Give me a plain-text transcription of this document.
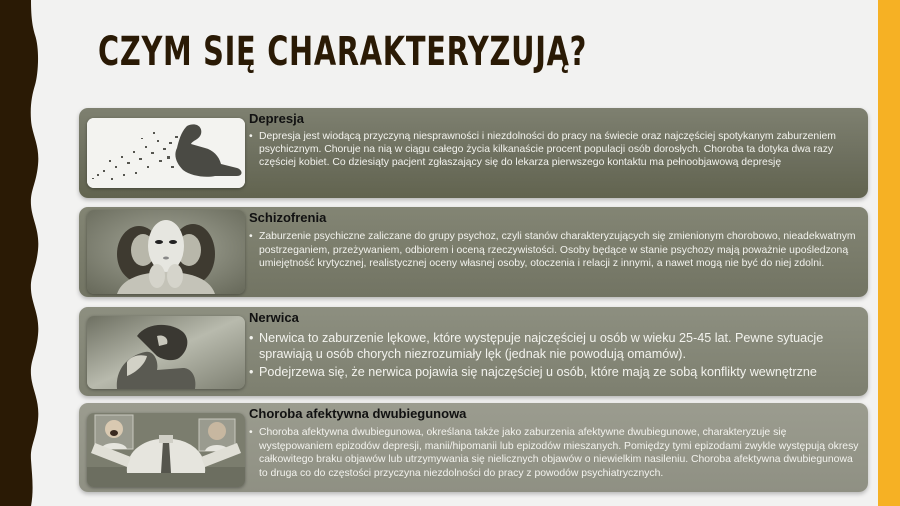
CZYM SIĘ CHARAKTERYZUJĄ?
Depresja
• Depresja jest wiodącą przyczyną niesprawności i niezdolności do pracy na świecie oraz najczęściej spotykanym zaburzeniem psychicznym. Choruje na nią w ciągu całego życia kilkanaście procent populacji osób dorosłych. Choroba ta dotyka dwa razy częściej kobiet. Co dziesiąty pacjent zgłaszający się do lekarza pierwszego kontaktu ma pełnoobjawową depresję
Schizofrenia
• Zaburzenie psychiczne zaliczane do grupy psychoz, czyli stanów charakteryzujących się zmienionym chorobowo, nieadekwatnym postrzeganiem, przeżywaniem, odbiorem i oceną rzeczywistości. Osoby będące w stanie psychozy mają poważnie upośledzoną umiejętność krytycznej, realistycznej oceny własnej osoby, otoczenia i relacji z innymi, a nawet mogą nie być do niej zdolni.
Nerwica
• Nerwica to zaburzenie lękowe, które występuje najczęściej u osób w wieku 25-45 lat. Pewne sytuacje sprawiają u osób chorych niezrozumiały lęk (jednak nie powodują omamów).
• Podejrzewa się, że nerwica pojawia się najczęściej u osób, które mają ze sobą konflikty wewnętrzne
Choroba afektywna dwubiegunowa
• Choroba afektywna dwubiegunowa, określana także jako zaburzenia afektywne dwubiegunowe, charakteryzuje się występowaniem epizodów depresji, manii/hipomanii lub epizodów mieszanych. Pomiędzy tymi epizodami zwykle występują okresy całkowitego braku objawów lub utrzymywania się nielicznych objawów o niewielkim nasileniu. Choroba afektywna dwubiegunowa to druga co do częstości przyczyna niezdolności do pracy z powodów psychiatrycznych.
